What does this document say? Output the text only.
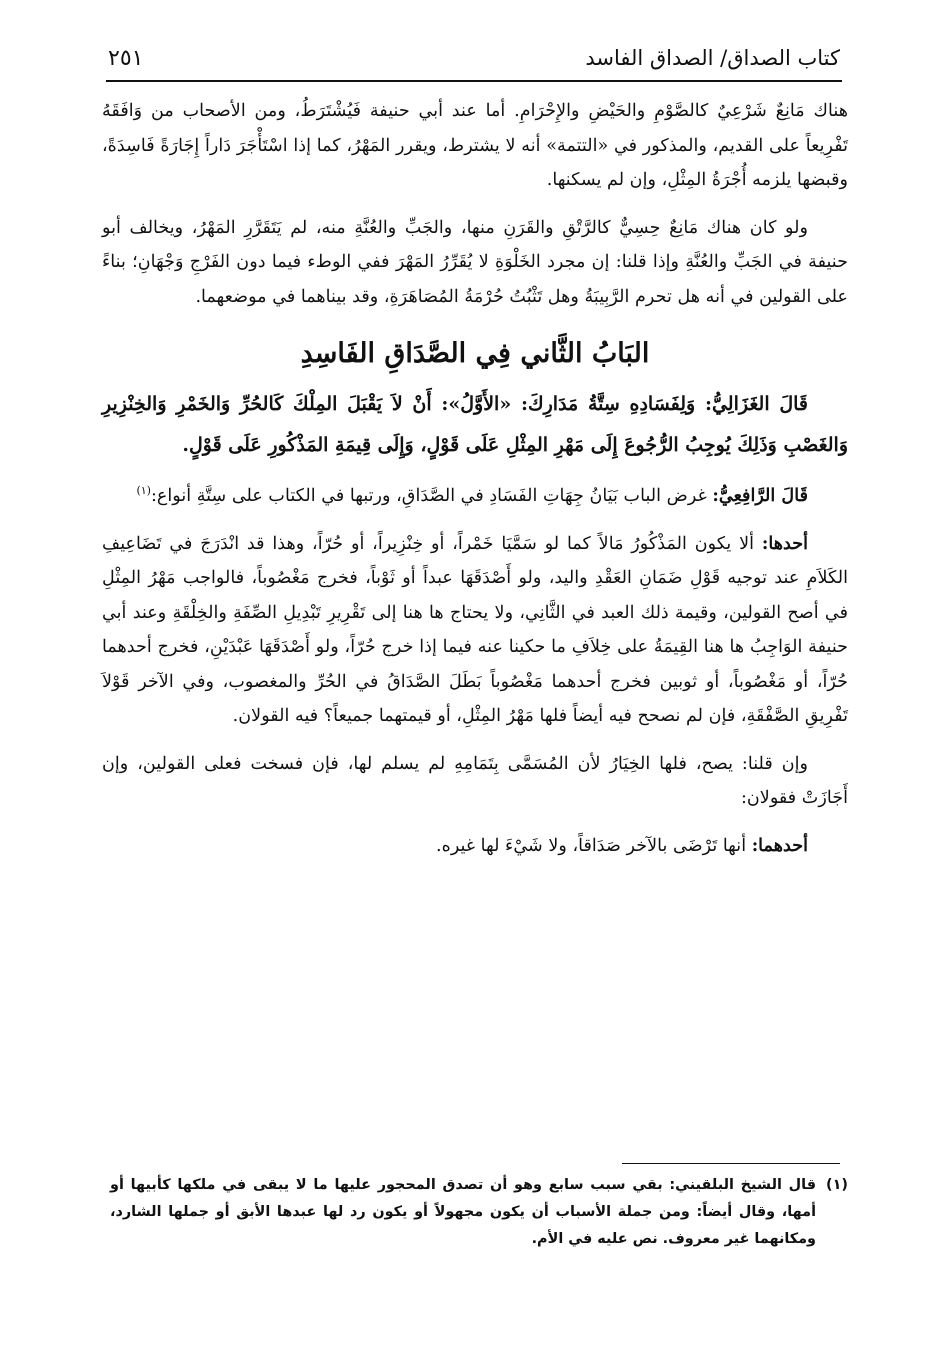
كتاب الصداق/ الصداق الفاسد
٢٥١

هناك مَانِعٌ شَرْعِيٌ كالصَّوْمِ والحَيْضِ والإِحْرَامِ. أما عند أبي حنيفة فَيُشْتَرَطُ، ومن الأصحاب من وَافَقَهُ تَفْرِيعاً على القديم، والمذكور في «التتمة» أنه لا يشترط، ويقرر المَهْرُ، كما إذا اسْتَأْجَرَ دَاراً إِجَارَةً فَاسِدَةً، وقبضها يلزمه أُجْرَةُ المِثْلِ، وإن لم يسكنها.

ولو كان هناك مَانِعٌ حِسِيٌّ كالرَّتْقِ والقَرَنِ منها، والجَبِّ والعُنَّةِ منه، لم يَتَقَرَّرِ المَهْرُ، ويخالف أبو حنيفة في الجَبِّ والعُنَّةِ وإذا قلنا: إن مجرد الخَلْوَةِ لا يُقَرِّرُ المَهْرَ ففي الوطء فيما دون الفَرْجِ وَجْهَانِ؛ بناءً على القولين في أنه هل تحرم الرَّبِيبَةُ وهل تَثْبُتُ حُرْمَةُ المُصَاهَرَةِ، وقد بيناهما في موضعهما.

البَابُ الثَّاني فِي الصَّدَاقِ الفَاسِدِ

قَالَ الغَزَالِيُّ: وَلِفَسَادِهِ سِتَّةُ مَدَارِكَ: «الأَوَّلُ»: أَنْ لاَ يَقْبَلَ المِلْكَ كَالحُرِّ وَالخَمْرِ وَالخِنْزِيرِ وَالغَصْبِ وَذَلِكَ يُوجِبُ الرُّجُوعَ إِلَى مَهْرِ المِثْلِ عَلَى قَوْلٍ، وَإِلَى قِيمَةِ المَذْكُورِ عَلَى قَوْلٍ.

قَالَ الرَّافِعِيُّ: غرض الباب بَيَانُ جِهَاتِ الفَسَادِ في الصَّدَاقِ، ورتبها في الكتاب على سِتَّةِ أنواع:$^{(١)}$

أحدها: ألا يكون المَذْكُورُ مَالاً كما لو سَمَّيَا خَمْراً، أو خِنْزِيراً، أو حُرّاً، وهذا قد انْدَرَجَ في تَضَاعِيفِ الكَلاَمِ عند توجيه قَوْلِ ضَمَانِ العَقْدِ واليد، ولو أَصْدَقَهَا عبداً أو ثَوْباً، فخرج مَغْصُوباً، فالواجب مَهْرُ المِثْلِ في أصح القولين، وقيمة ذلك العبد في الثَّانِي، ولا يحتاج ها هنا إلى تَقْرِيرِ تَبْدِيلِ الصِّفَةِ والخِلْقَةِ وعند أبي حنيفة الوَاجِبُ ها هنا القِيمَةُ على خِلاَفِ ما حكينا عنه فيما إذا خرج حُرّاً، ولو أَصْدَقَهَا عَبْدَيْنِ، فخرج أحدهما حُرّاً، أو مَغْصُوباً، أو ثوبين فخرج أحدهما مَغْصُوباً بَطَلَ الصَّدَاقُ في الحُرِّ والمغصوب، وفي الآخر قَوْلاَ تَفْرِيقِ الصَّفْقَةِ، فإن لم نصحح فيه أيضاً فلها مَهْرُ المِثْلِ، أو قيمتهما جميعاً؟ فيه القولان.

وإن قلنا: يصح، فلها الخِيَارُ لأن المُسَمَّى بِتَمَامِهِ لم يسلم لها، فإن فسخت فعلى القولين، وإن أَجَازَتْ فقولان:

أحدهما: أنها تَرْضَى بالآخر صَدَاقاً، ولا شَيْءَ لها غيره.

(١)
قال الشيخ البلقيني: بقي سبب سابع وهو أن تصدق المحجور عليها ما لا يبقى في ملكها كأبيها أو أمها، وقال أيضاً: ومن جملة الأسباب أن يكون مجهولاً أو يكون رد لها عبدها الأبق أو جملها الشارد، ومكانهما غير معروف. نص عليه في الأم.
